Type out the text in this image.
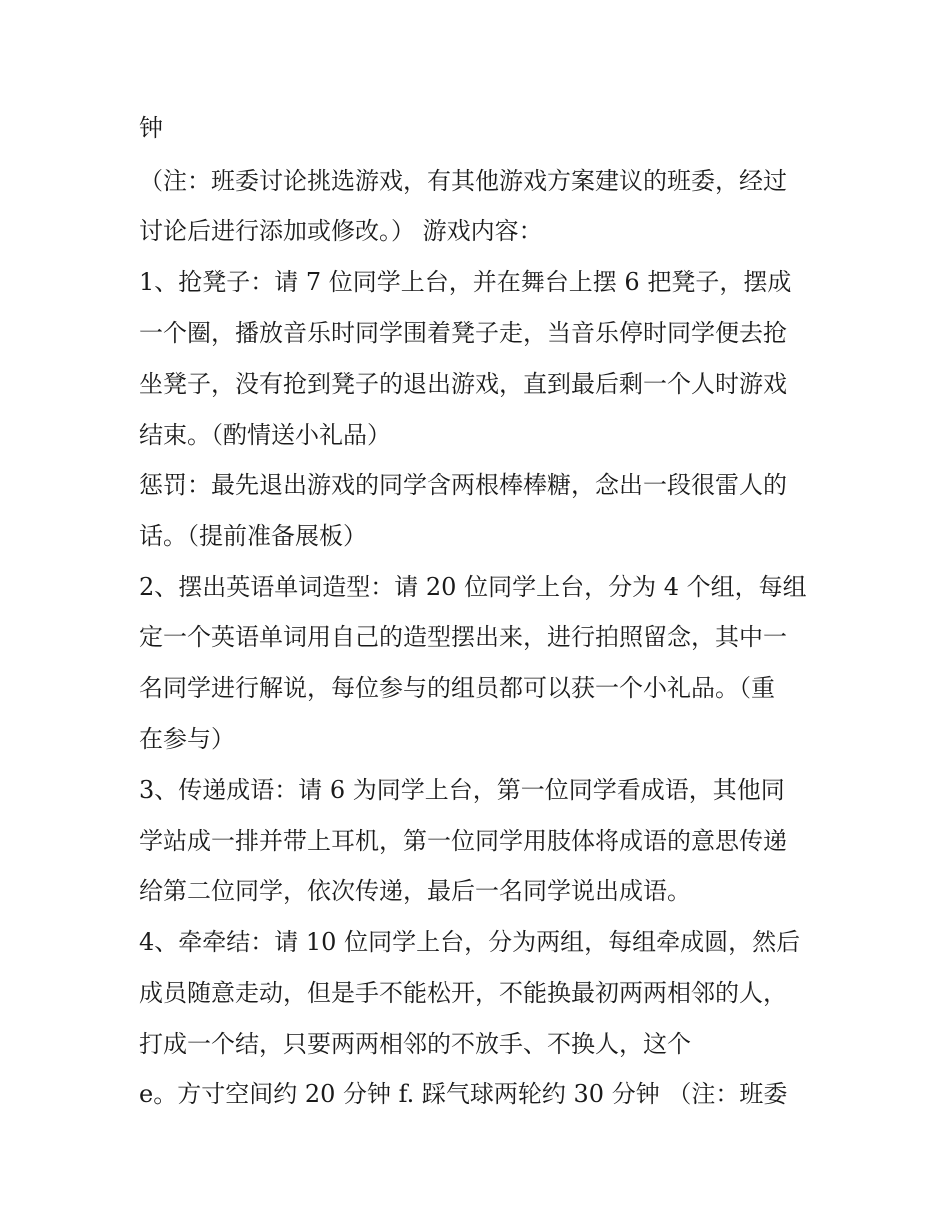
钟
（注：班委讨论挑选游戏，有其他游戏方案建议的班委，经过
讨论后进行添加或修改。） 游戏内容：
1、抢凳子：请 7 位同学上台，并在舞台上摆 6 把凳子，摆成
一个圈，播放音乐时同学围着凳子走，当音乐停时同学便去抢
坐凳子，没有抢到凳子的退出游戏，直到最后剩一个人时游戏
结束。（酌情送小礼品）
惩罚：最先退出游戏的同学含两根棒棒糖，念出一段很雷人的
话。（提前准备展板）
2、摆出英语单词造型：请 20 位同学上台，分为 4 个组，每组
定一个英语单词用自己的造型摆出来，进行拍照留念，其中一
名同学进行解说，每位参与的组员都可以获一个小礼品。（重
在参与）
3、传递成语：请 6 为同学上台，第一位同学看成语，其他同
学站成一排并带上耳机，第一位同学用肢体将成语的意思传递
给第二位同学，依次传递，最后一名同学说出成语。
4、牵牵结：请 10 位同学上台，分为两组，每组牵成圆，然后
成员随意走动，但是手不能松开，不能换最初两两相邻的人，
打成一个结，只要两两相邻的不放手、不换人，这个
e。方寸空间约 20 分钟 f. 踩气球两轮约 30 分钟 （注：班委
